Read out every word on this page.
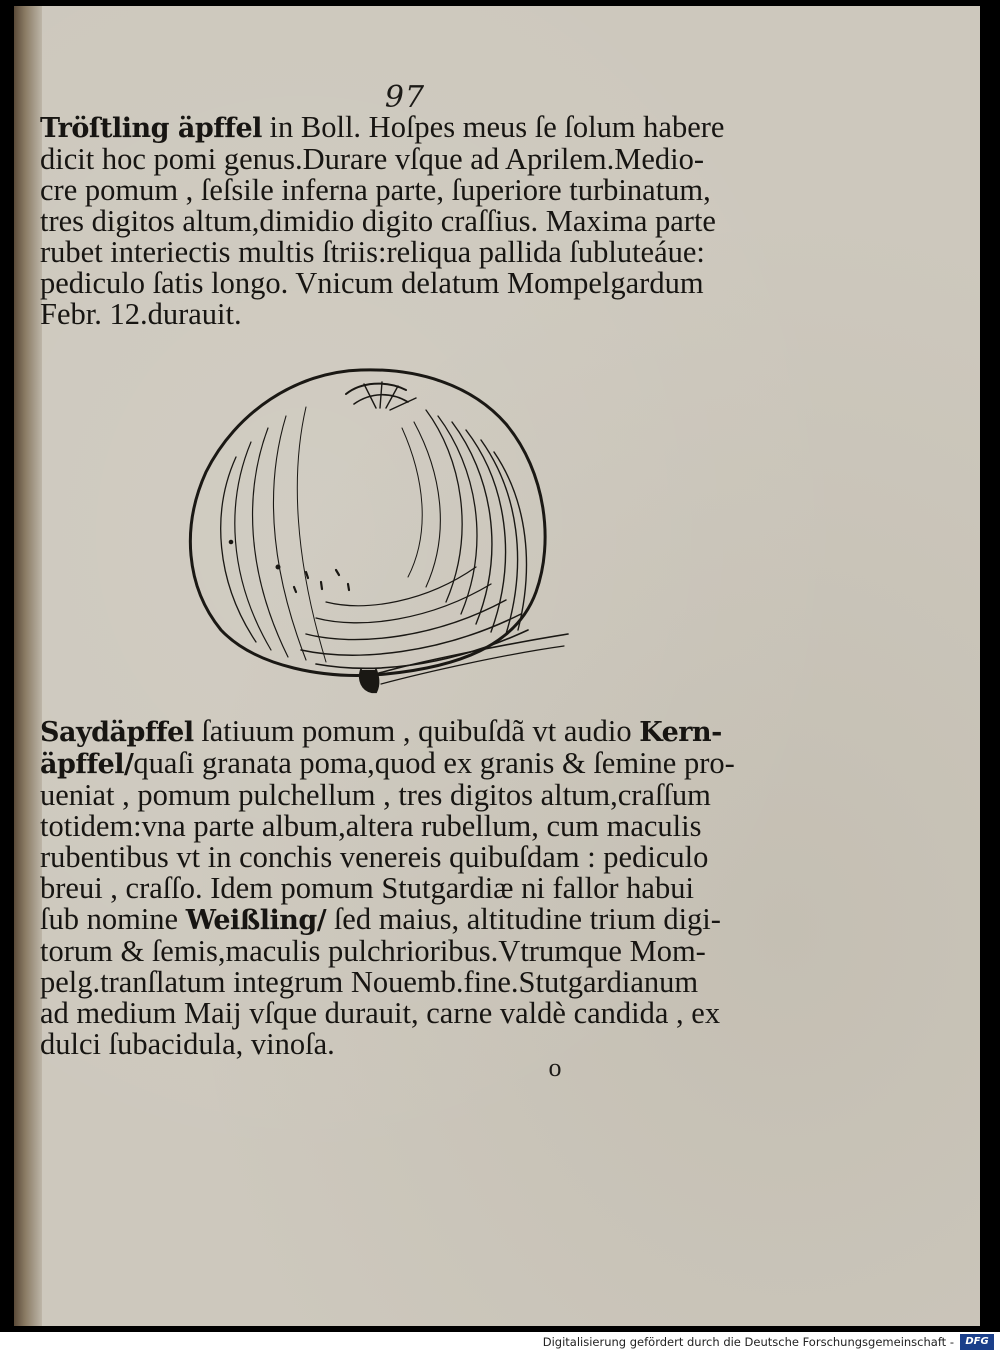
97
Tröſtling äpffel in Boll. Hoſpes meus ſe ſolum habere
dicit hoc pomi genus.Durare vſque ad Aprilem.Medio-
cre pomum , ſeſsile inferna parte, ſuperiore turbinatum,
tres digitos altum,dimidio digito craſſius. Maxima parte
rubet interiectis multis ſtriis:reliqua pallida ſubluteáue:
pediculo ſatis longo. Vnicum delatum Mompelgardum
Febr. 12.durauit.
Saydäpffel ſatiuum pomum , quibuſdã vt audio Kern-
äpffel/quaſi granata poma,quod ex granis & ſemine pro-
ueniat , pomum pulchellum , tres digitos altum,craſſum
totidem:vna parte album,altera rubellum, cum maculis
rubentibus vt in conchis venereis quibuſdam : pediculo
breui , craſſo. Idem pomum Stutgardiæ ni fallor habui
ſub nomine Weißling/ ſed maius, altitudine trium digi-
torum & ſemis,maculis pulchrioribus.Vtrumque Mom-
pelg.tranſlatum integrum Nouemb.fine.Stutgardianum
ad medium Maij vſque durauit, carne valdè candida , ex
dulci ſubacidula, vinoſa.
o
Digitalisierung gefördert durch die Deutsche Forschungsgemeinschaft -	DFG
